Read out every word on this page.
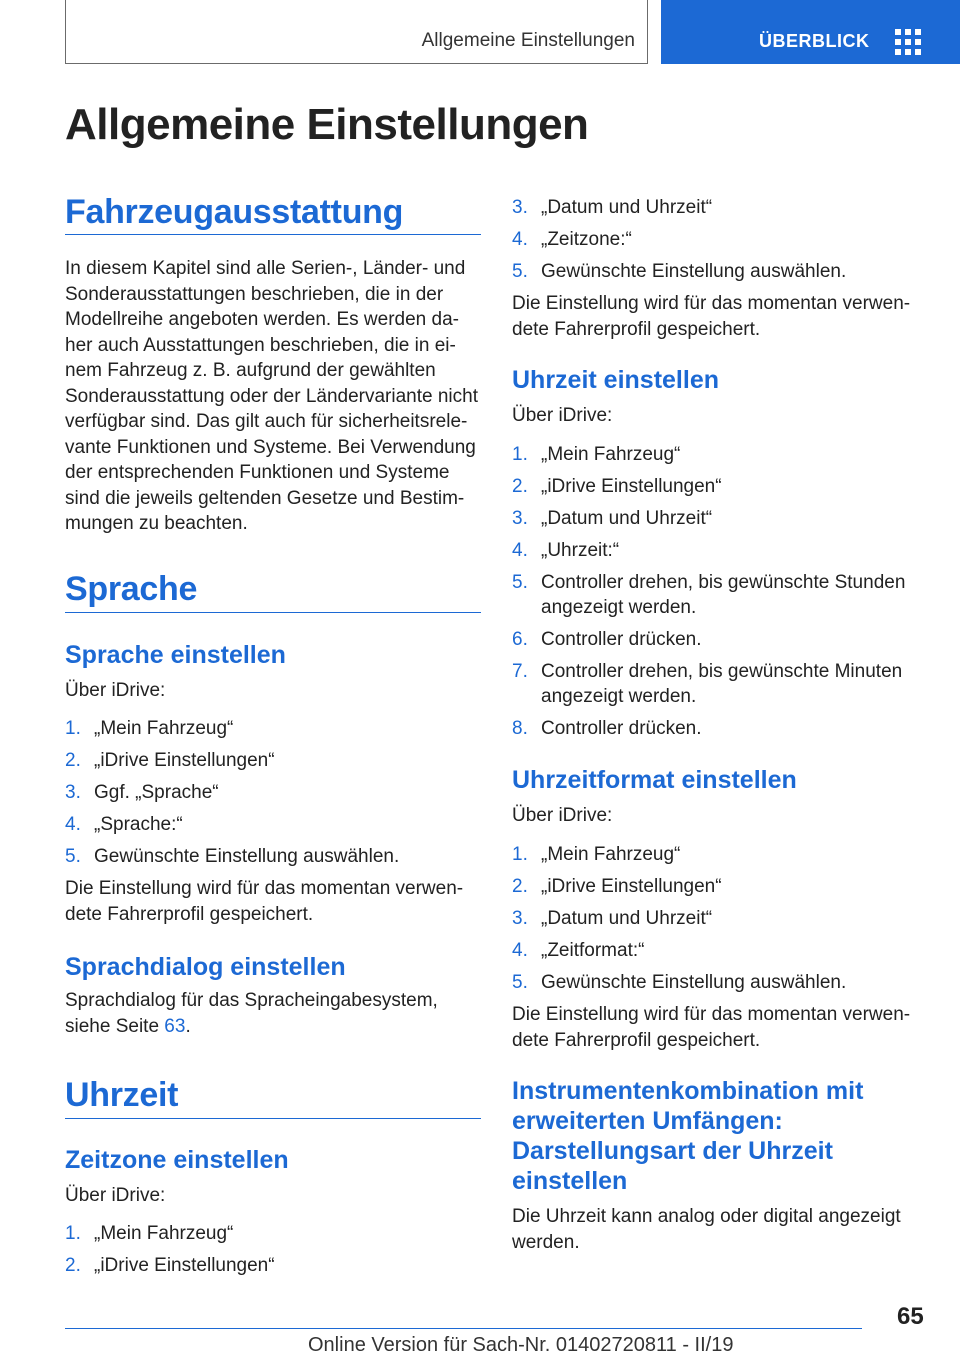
Allgemeine Einstellungen	ÜBERBLICK
Allgemeine Einstellungen
Fahrzeugausstattung
In diesem Kapitel sind alle Serien-, Länder- und
Sonderausstattungen beschrieben, die in der
Modellreihe angeboten werden. Es werden da-
her auch Ausstattungen beschrieben, die in ei-
nem Fahrzeug z. B. aufgrund der gewählten
Sonderausstattung oder der Ländervariante nicht
verfügbar sind. Das gilt auch für sicherheitsrele-
vante Funktionen und Systeme. Bei Verwendung
der entsprechenden Funktionen und Systeme
sind die jeweils geltenden Gesetze und Bestim-
mungen zu beachten.
Sprache
Sprache einstellen
Über iDrive:
1. „Mein Fahrzeug“
2. „iDrive Einstellungen“
3. Ggf. „Sprache“
4. „Sprache:“
5. Gewünschte Einstellung auswählen.
Die Einstellung wird für das momentan verwen-
dete Fahrerprofil gespeichert.
Sprachdialog einstellen
Sprachdialog für das Spracheingabesystem,
siehe Seite 63.
Uhrzeit
Zeitzone einstellen
Über iDrive:
1. „Mein Fahrzeug“
2. „iDrive Einstellungen“
3. „Datum und Uhrzeit“
4. „Zeitzone:“
5. Gewünschte Einstellung auswählen.
Die Einstellung wird für das momentan verwen-
dete Fahrerprofil gespeichert.
Uhrzeit einstellen
Über iDrive:
1. „Mein Fahrzeug“
2. „iDrive Einstellungen“
3. „Datum und Uhrzeit“
4. „Uhrzeit:“
5. Controller drehen, bis gewünschte Stunden
angezeigt werden.
6. Controller drücken.
7. Controller drehen, bis gewünschte Minuten
angezeigt werden.
8. Controller drücken.
Uhrzeitformat einstellen
Über iDrive:
1. „Mein Fahrzeug“
2. „iDrive Einstellungen“
3. „Datum und Uhrzeit“
4. „Zeitformat:“
5. Gewünschte Einstellung auswählen.
Die Einstellung wird für das momentan verwen-
dete Fahrerprofil gespeichert.
Instrumentenkombination mit
erweiterten Umfängen:
Darstellungsart der Uhrzeit
einstellen
Die Uhrzeit kann analog oder digital angezeigt
werden.
65
Online Version für Sach-Nr. 01402720811 - II/19
